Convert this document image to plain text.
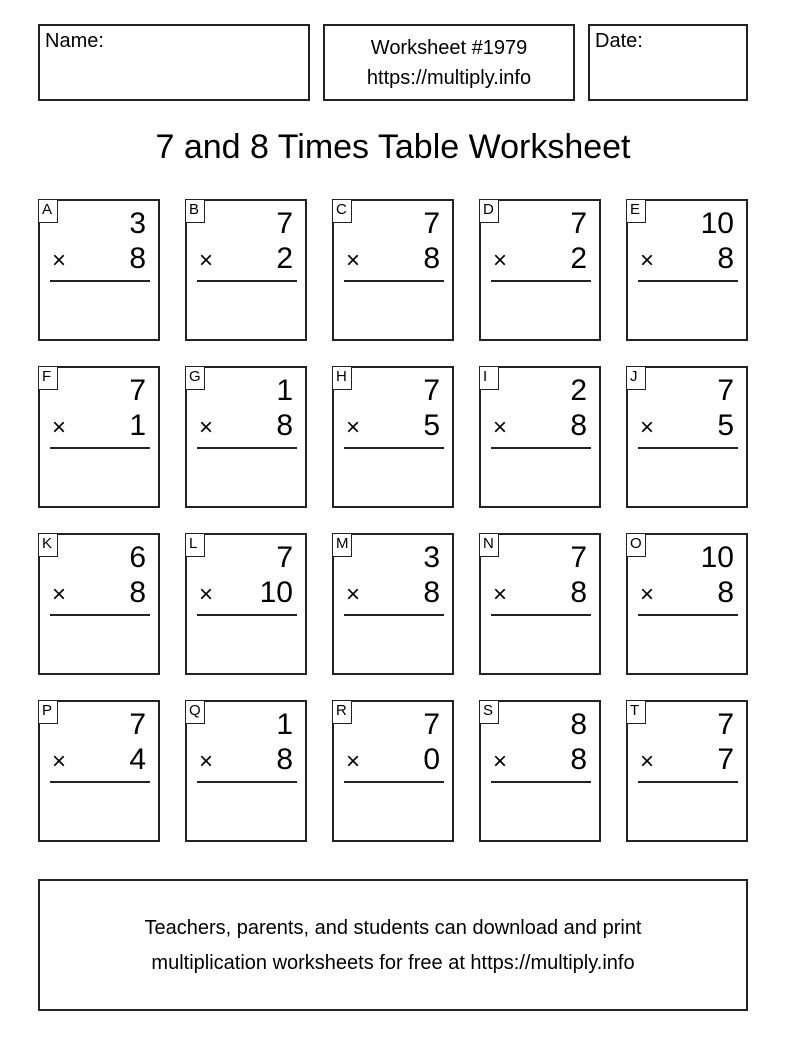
Name:	Worksheet #1979
https://multiply.info
Date:
7 and 8 Times Table Worksheet
A	3
× 8
B	7
× 2
C	7
× 8
D	7
× 2
E 10
× 8
F	7
× 1
G	1
× 8
H	7
× 5
I	2
× 8
J	7
× 5
K	6
× 8
L	7
× 10
M 3
× 8
N	7
× 8
O 10
× 8
P	7
× 4
Q	1
× 8
R	7
× 0
S	8
× 8
T	7
× 7
Teachers, parents, and students can download and print
multiplication worksheets for free at https://multiply.info
